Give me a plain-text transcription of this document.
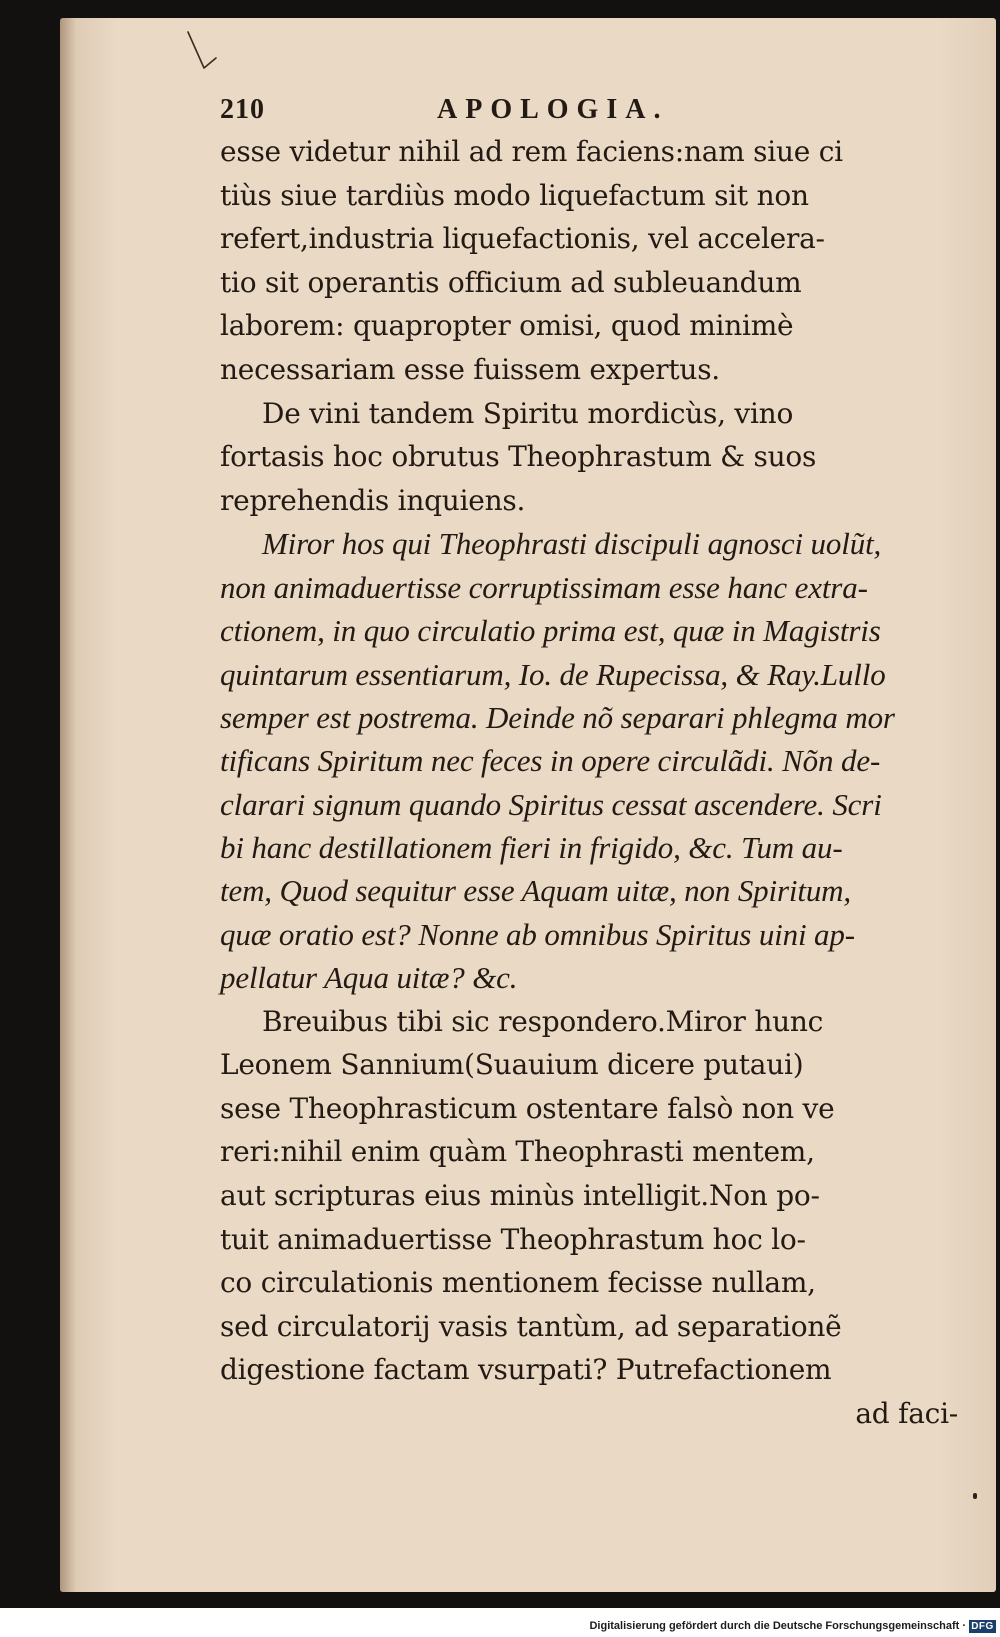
210	APOLOGIA.
esse videtur nihil ad rem faciens:nam siue ci
tiùs siue tardiùs modo liquefactum sit non
refert,industria liquefactionis, vel accelera-
tio sit operantis officium ad subleuandum
laborem: quapropter omisi, quod minimè
necessariam esse fuissem expertus.
De vini tandem Spiritu mordicùs, vino
fortasis hoc obrutus Theophrastum & suos
reprehendis inquiens.
Miror hos qui Theophrasti discipuli agnosci uolũt,
non animaduertisse corruptissimam esse hanc extra-
ctionem, in quo circulatio prima est, quæ in Magistris
quintarum essentiarum, Io. de Rupecissa, & Ray.Lullo
semper est postrema. Deinde nõ separari phlegma mor
tificans Spiritum nec feces in opere circulãdi. Nõn de-
clarari signum quando Spiritus cessat ascendere. Scri
bi hanc destillationem fieri in frigido, &c. Tum au-
tem, Quod sequitur esse Aquam uitæ, non Spiritum,
quæ oratio est? Nonne ab omnibus Spiritus uini ap-
pellatur Aqua uitæ? &c.
Breuibus tibi sic respondero.Miror hunc
Leonem Sannium(Suauium dicere putaui)
sese Theophrasticum ostentare falsò non ve
reri:nihil enim quàm Theophrasti mentem,
aut scripturas eius minùs intelligit.Non po-
tuit animaduertisse Theophrastum hoc lo-
co circulationis mentionem fecisse nullam,
sed circulatorij vasis tantùm, ad separationẽ
digestione factam vsurpati? Putrefactionem
ad faci-
Digitalisierung gefördert durch die Deutsche Forschungsgemeinschaft · DFG
